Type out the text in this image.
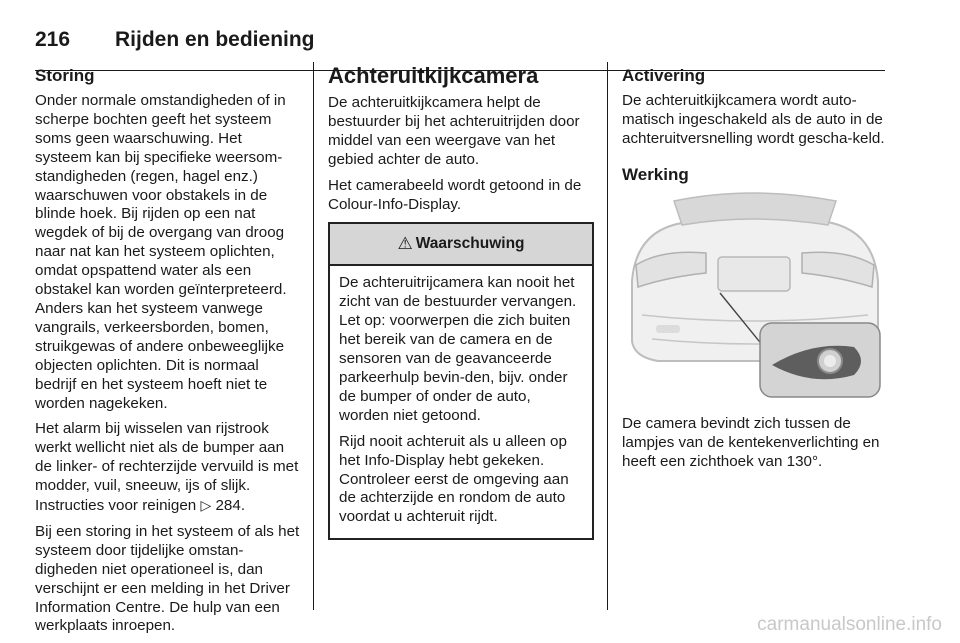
216 Rijden en bediening
Storing

Onder normale omstandigheden of in scherpe bochten geeft het systeem soms geen waarschuwing. Het systeem kan bij specifieke weersom-standigheden (regen, hagel enz.) waarschuwen voor obstakels in de blinde hoek. Bij rijden op een nat wegdek of bij de overgang van droog naar nat kan het systeem oplichten, omdat opspattend water als een obstakel kan worden geïnterpreteerd. Anders kan het systeem vanwege vangrails, verkeersborden, bomen, struikgewas of andere onbeweeglijke objecten oplichten. Dit is normaal bedrijf en het systeem hoeft niet te worden nagekeken.

Het alarm bij wisselen van rijstrook werkt wellicht niet als de bumper aan de linker- of rechterzijde vervuild is met modder, vuil, sneeuw, ijs of slijk. Instructies voor reinigen ▷ 284.

Bij een storing in het systeem of als het systeem door tijdelijke omstan-digheden niet operationeel is, dan verschijnt er een melding in het Driver Information Centre. De hulp van een werkplaats inroepen.

Achteruitkijkcamera

De achteruitkijkcamera helpt de bestuurder bij het achteruitrijden door middel van een weergave van het gebied achter de auto.

Het camerabeeld wordt getoond in de Colour-Info-Display.

⚠ Waarschuwing

De achteruitrijcamera kan nooit het zicht van de bestuurder vervangen. Let op: voorwerpen die zich buiten het bereik van de camera en de sensoren van de geavanceerde parkeerhulp bevin-den, bijv. onder de bumper of onder de auto, worden niet getoond.

Rijd nooit achteruit als u alleen op het Info-Display hebt gekeken. Controleer eerst de omgeving aan de achterzijde en rondom de auto voordat u achteruit rijdt.

Activering

De achteruitkijkcamera wordt auto-matisch ingeschakeld als de auto in de achteruitversnelling wordt gescha-keld.

Werking

De camera bevindt zich tussen de lampjes van de kentekenverlichting en heeft een zichthoek van 130°.

carmanualsonline.info
